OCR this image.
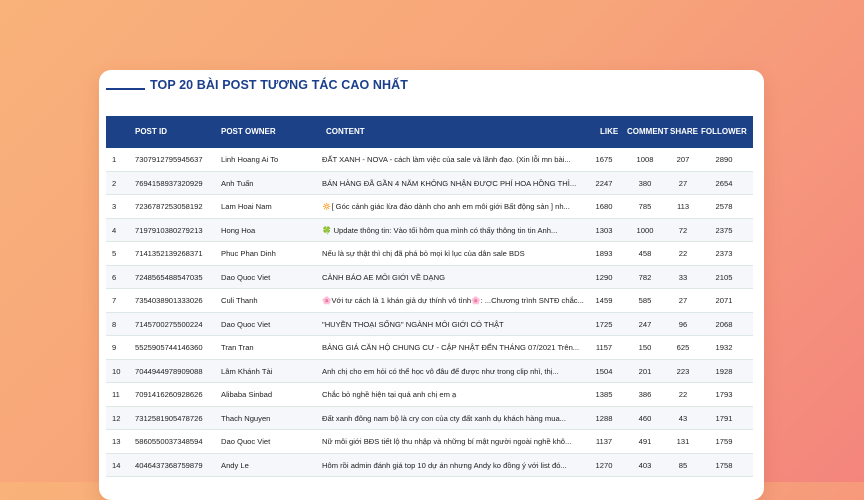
TOP 20 BÀI POST TƯƠNG TÁC CAO NHẤT
POST ID	POST OWNER	CONTENT	LIKE COMMENT SHARE FOLLOWER
1	7307912795945637	Linh Hoang Ai To	ĐẤT XANH - NOVA - cách làm việc của sale và lãnh đạo. (Xin lỗi mn bài...	1675	1008	207	2890
2	7694158937320929	Anh Tuấn	BÁN HÀNG ĐÃ GẦN 4 NĂM KHÔNG NHẬN ĐƯỢC PHÍ HOA HỒNG THÌ...	2247	380	27	2654
3	7236787253058192	Lam Hoai Nam	🔅[ Góc cảnh giác lừa đảo dành cho anh em môi giới Bất động sản ] nh...	1680	785	113	2578
4	7197910380279213	Hong Hoa	🍀 Update thông tin: Vào tối hôm qua mình có thấy thông tin tin Anh...	1303	1000	72	2375
5	7141352139268371	Phuc Phan Dinh	Nếu là sự thật thì chị đã phá bỏ mọi kỉ lục của dân sale BDS	1893	458	22	2373
6	7248565488547035	Dao Quoc Viet	CẢNH BÁO AE MÔI GIỚI VỀ DẠNG	1290	782	33	2105
7	7354038901333026	Culi Thanh	🌸Với tư cách là 1 khán giả dự thính vô tình🌸: ...Chương trình SNTĐ chắc...	1459	585	27	2071
8	7145700275500224	Dao Quoc Viet	"HUYỀN THOẠI SỐNG" NGÀNH MÔI GIỚI CÓ THẬT	1725	247	96	2068
9	5525905744146360	Tran Tran	BẢNG GIÁ CĂN HỘ CHUNG CƯ - CẬP NHẬT ĐẾN THÁNG 07/2021 Trên...	1157	150	625	1932
10	7044944978909088	Lâm Khánh Tài	Anh chị cho em hỏi có thể học vô đâu để được như trong clip nhỉ, thị...	1504	201	223	1928
11	7091416260928626	Alibaba Sinbad	Chắc bỏ nghề hiện tại quá anh chị em ạ	1385	386	22	1793
12	7312581905478726	Thach Nguyen	Đất xanh đông nam bộ là cry con của cty đất xanh dụ khách hàng mua...	1288	460	43	1791
13	5860550037348594	Dao Quoc Viet	Nữ môi giới BĐS tiết lộ thu nhập và những bí mật người ngoài nghề khô...	1137	491	131	1759
14	4046437368759879	Andy Le	Hôm rồi admin đánh giá top 10 dự án nhưng Andy ko đồng ý với list đó...	1270	403	85	1758
